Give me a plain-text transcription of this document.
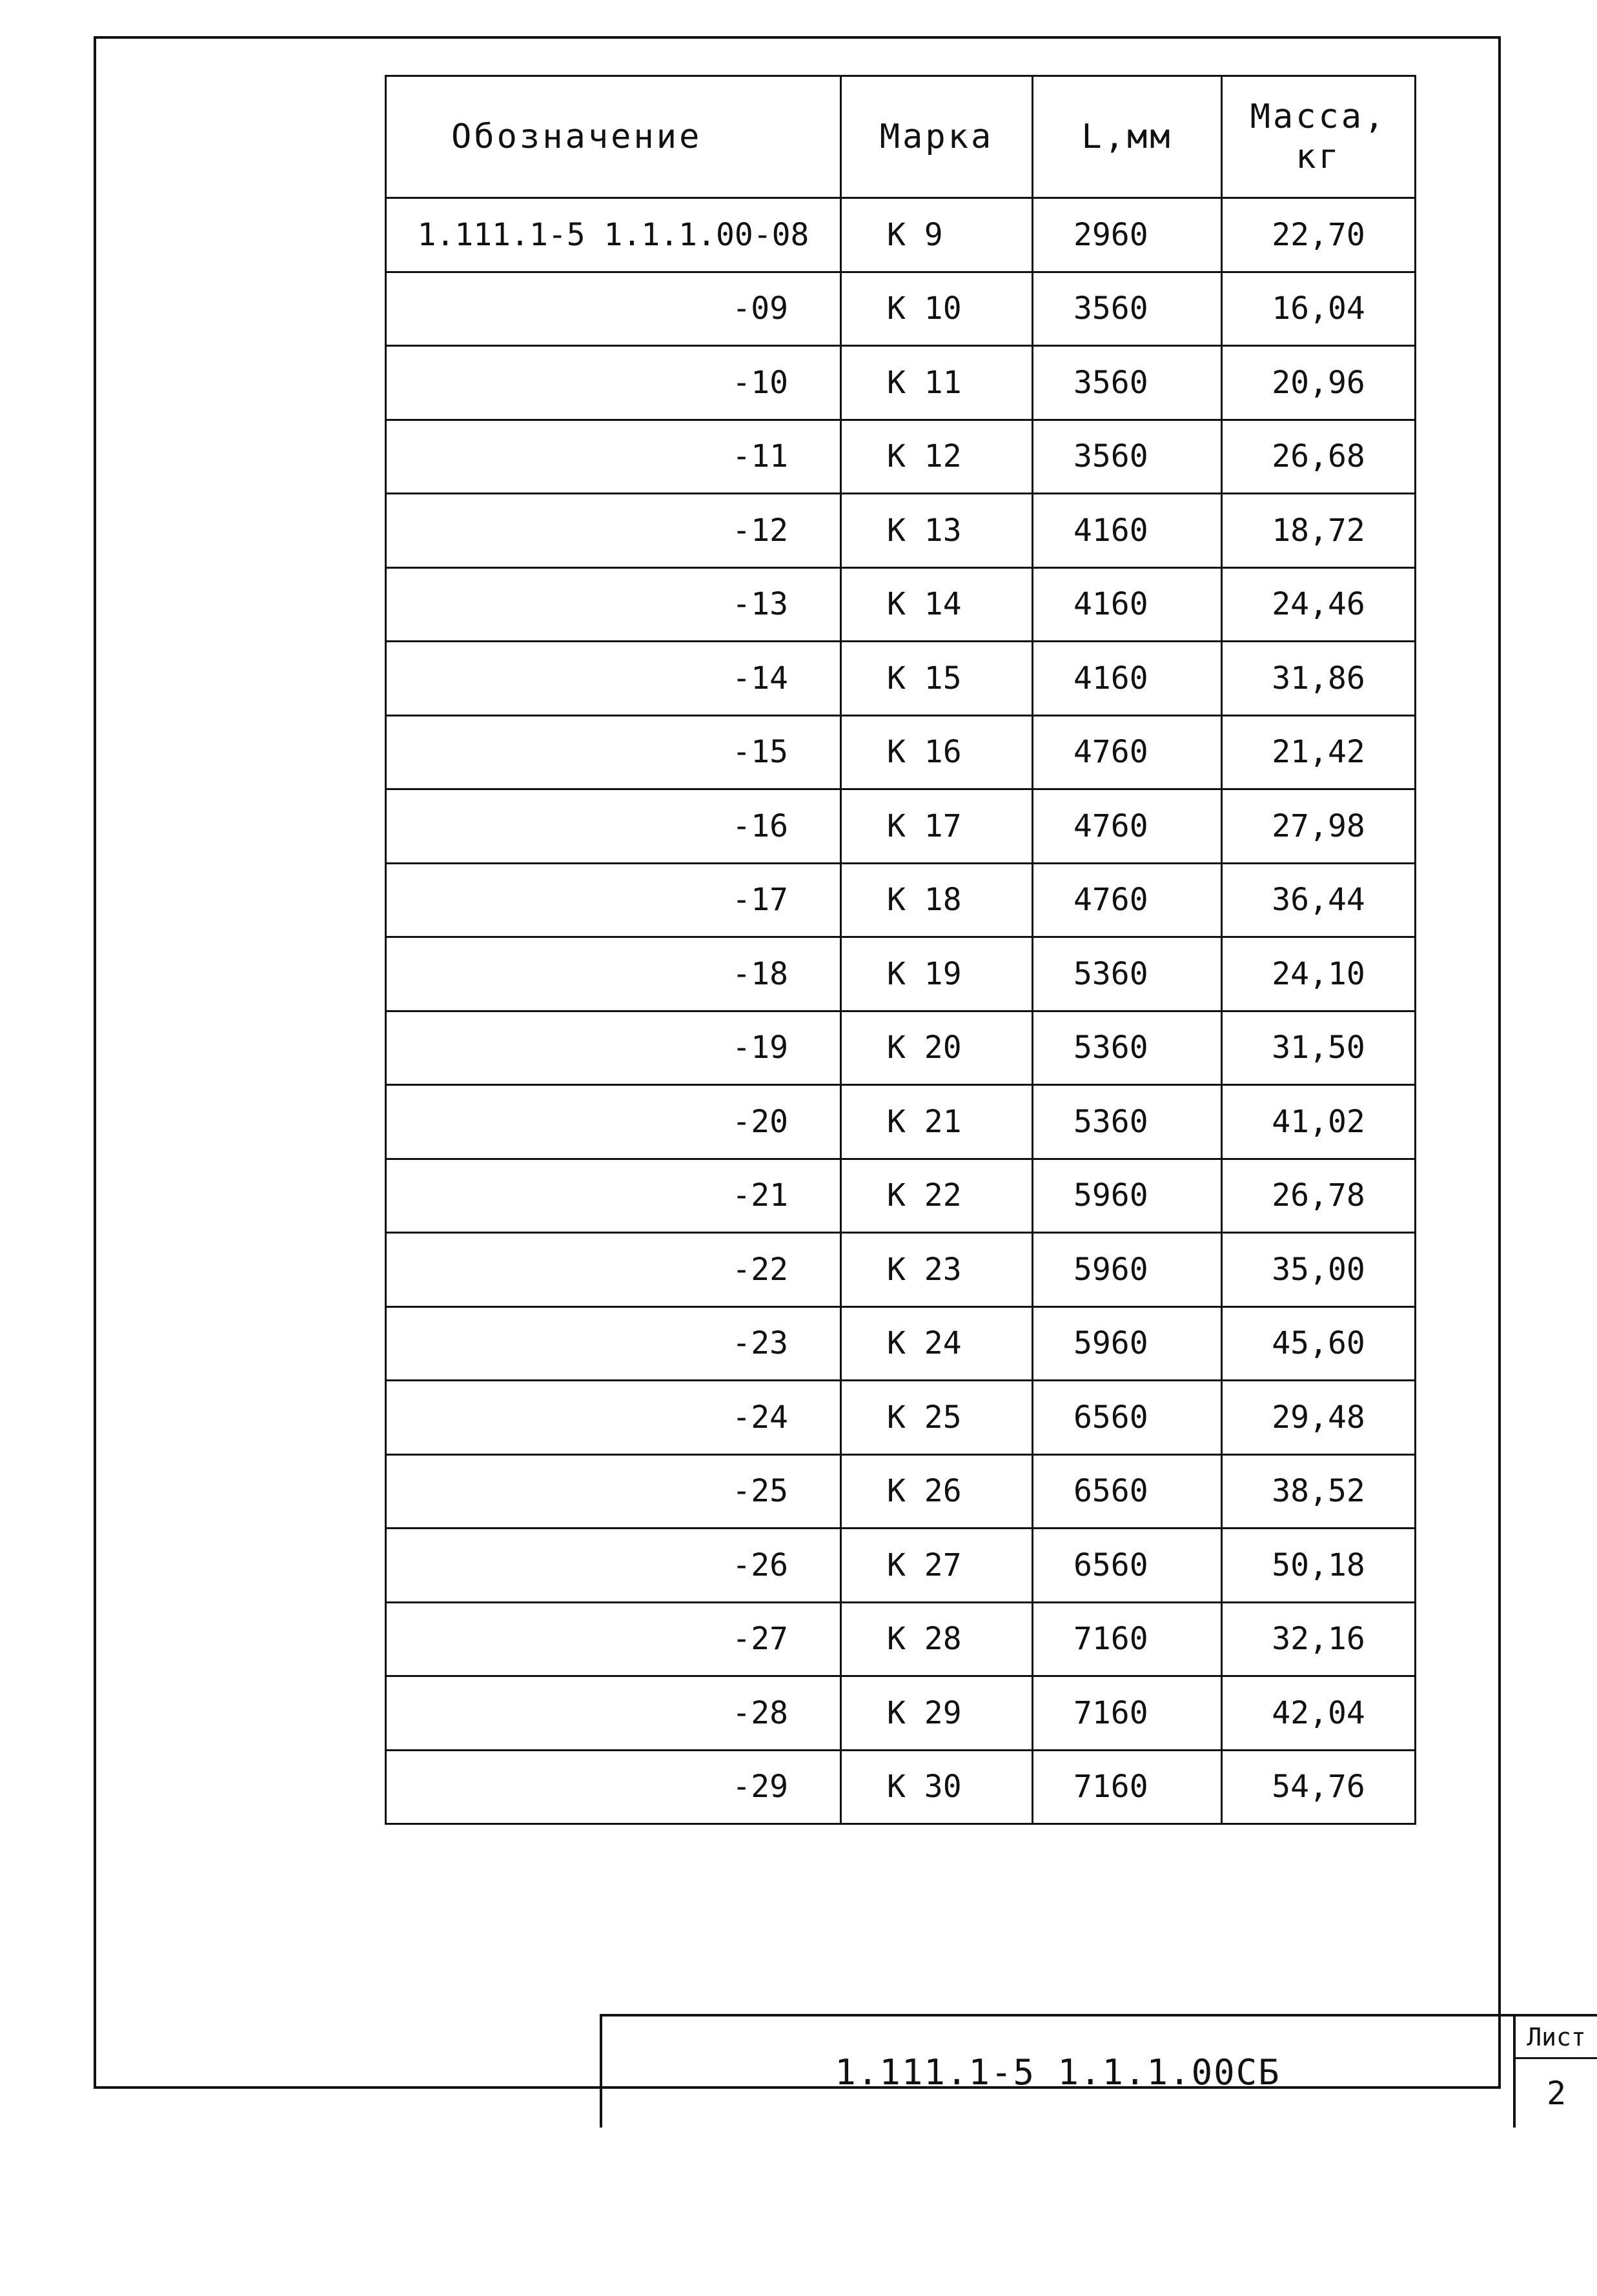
Обозначение	Марка	L,мм	Масса,
кг
1.111.1-5 1.1.1.00-08	К 9	2960	22,70
-09	К 10	3560	16,04
-10	К 11	3560	20,96
-11	К 12	3560	26,68
-12	К 13	4160	18,72
-13	К 14	4160	24,46
-14	К 15	4160	31,86
-15	К 16	4760	21,42
-16	К 17	4760	27,98
-17	К 18	4760	36,44
-18	К 19	5360	24,10
-19	К 20	5360	31,50
-20	К 21	5360	41,02
-21	К 22	5960	26,78
-22	К 23	5960	35,00
-23	К 24	5960	45,60
-24	К 25	6560	29,48
-25	К 26	6560	38,52
-26	К 27	6560	50,18
-27	К 28	7160	32,16
-28	К 29	7160	42,04
-29	К 30	7160	54,76
1.111.1-5 1.1.1.00СБ
Лист
2
